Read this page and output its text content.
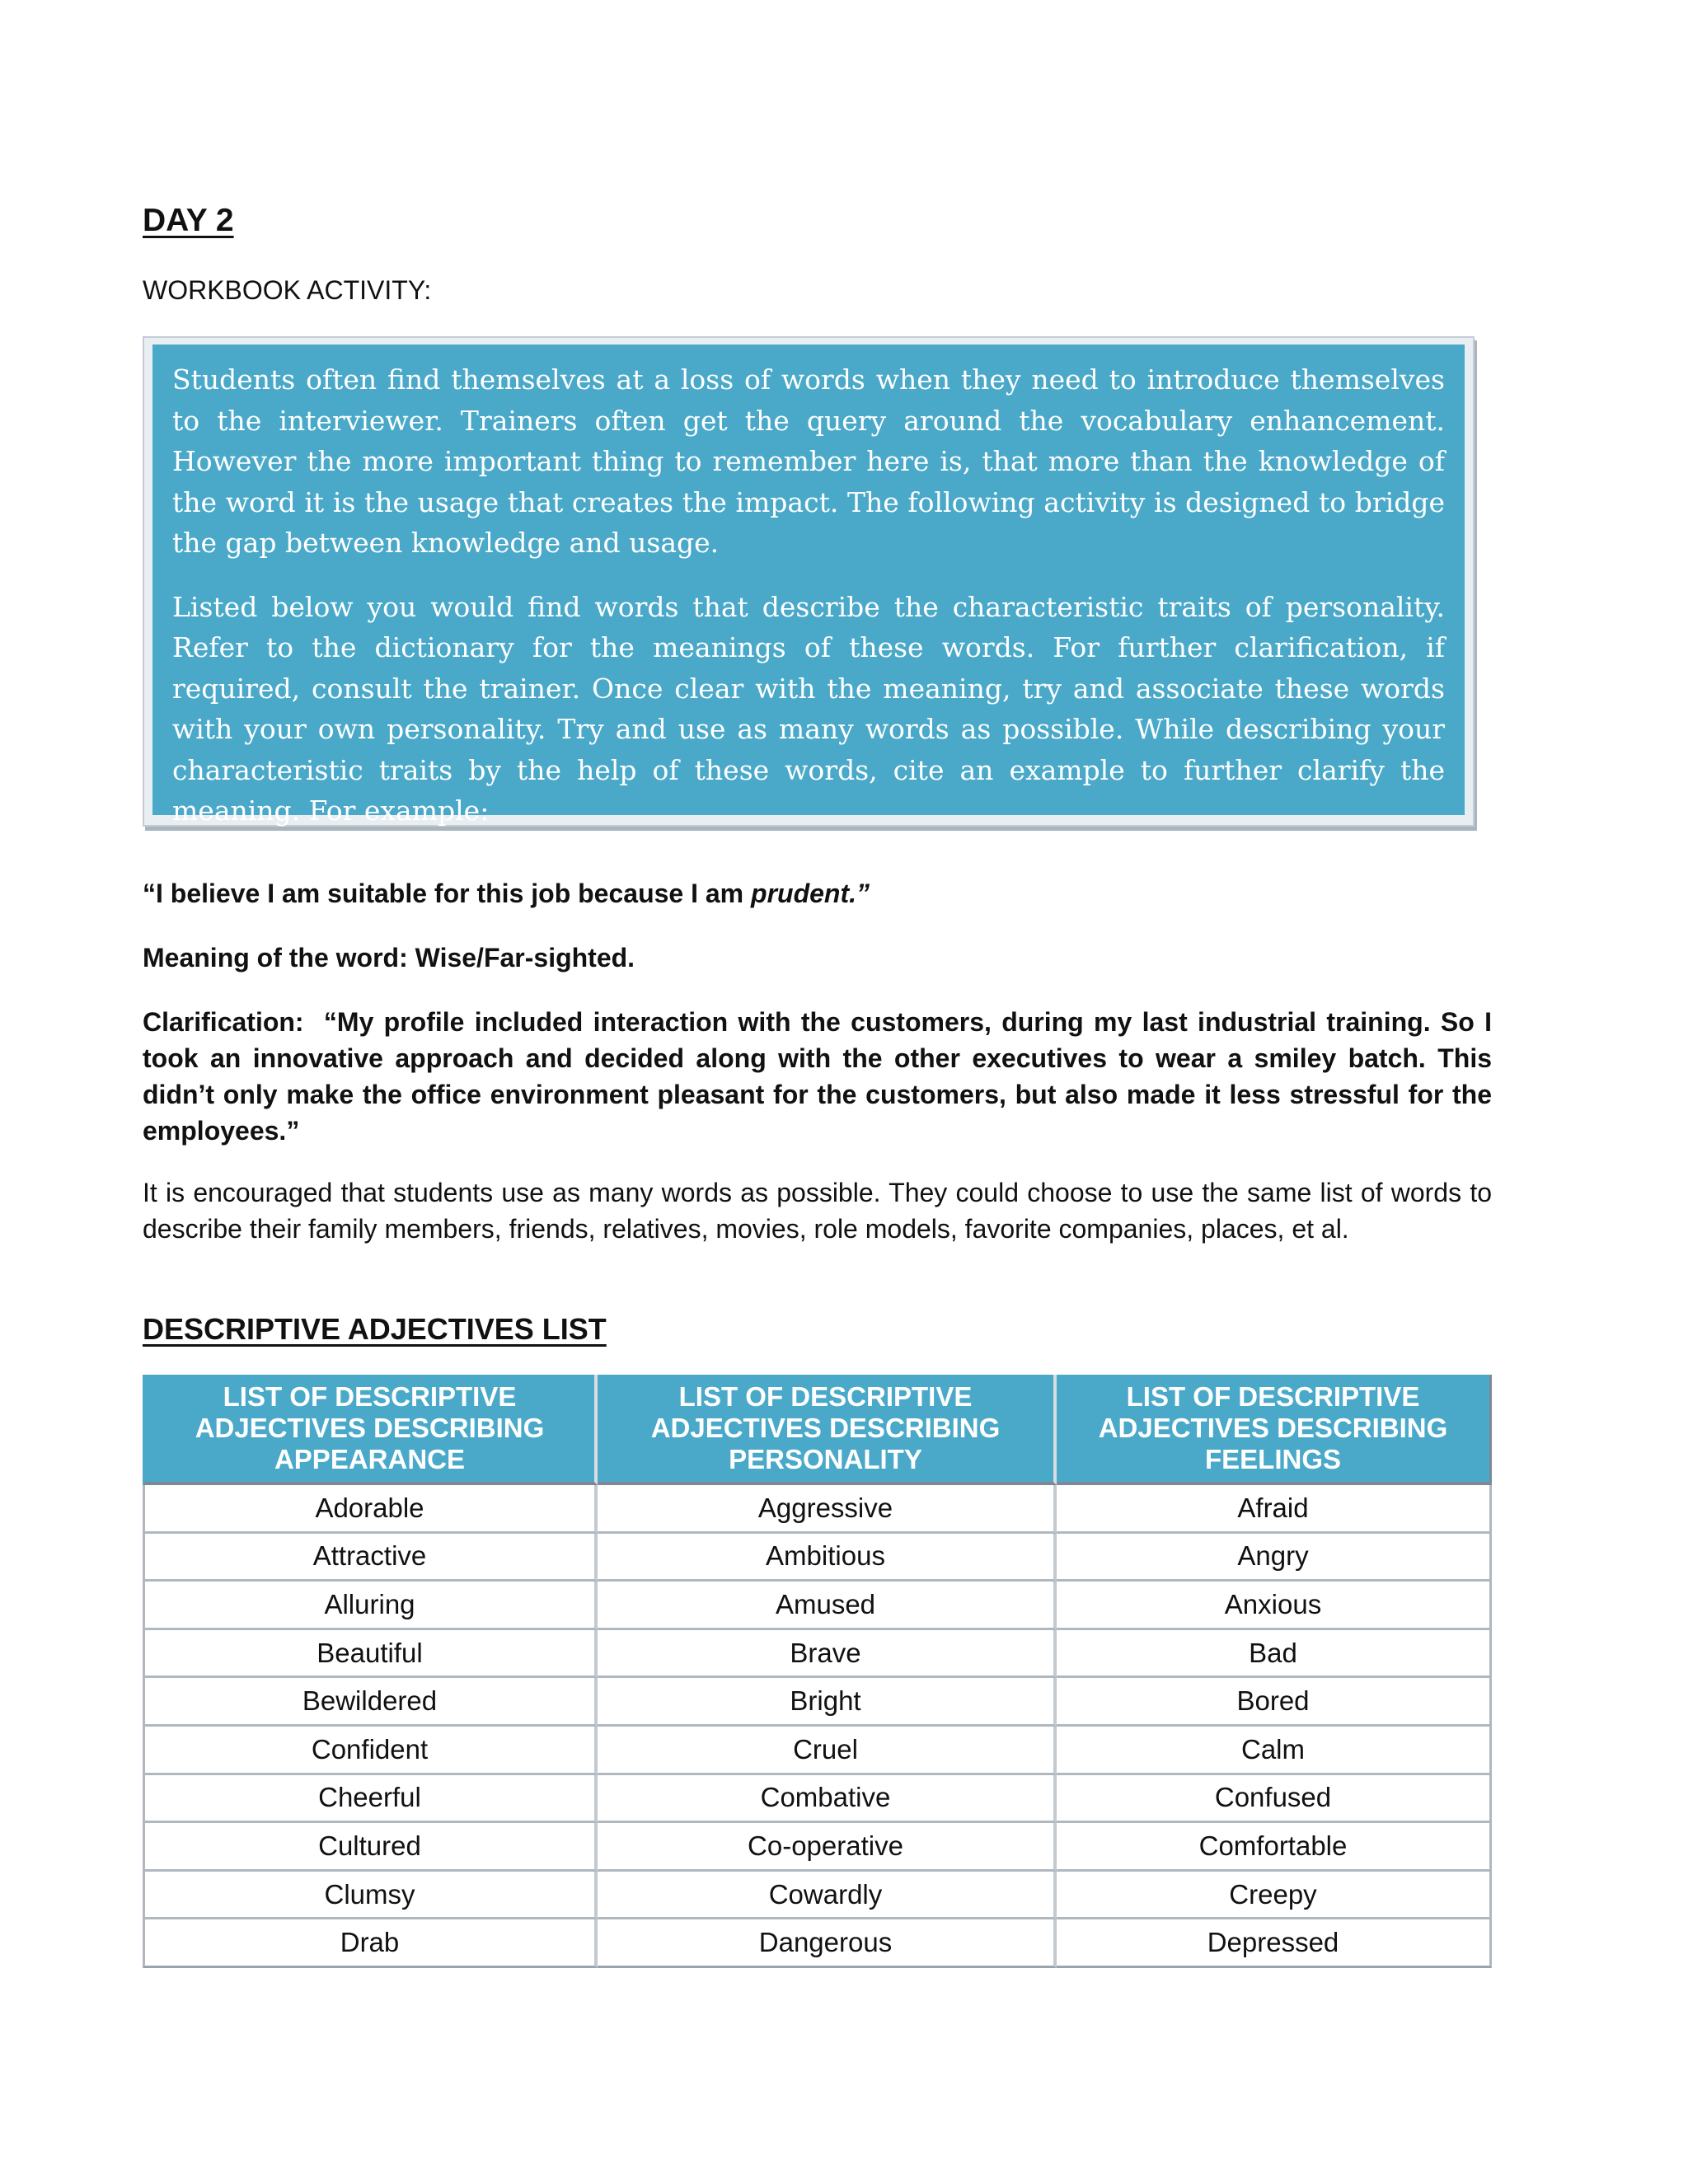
DAY 2

WORKBOOK ACTIVITY:

Students often find themselves at a loss of words when they need to introduce themselves to the interviewer. Trainers often get the query around the vocabulary enhancement. However the more important thing to remember here is, that more than the knowledge of the word it is the usage that creates the impact. The following activity is designed to bridge the gap between knowledge and usage.

Listed below you would find words that describe the characteristic traits of personality. Refer to the dictionary for the meanings of these words. For further clarification, if required, consult the trainer. Once clear with the meaning, try and associate these words with your own personality. Try and use as many words as possible. While describing your characteristic traits by the help of these words, cite an example to further clarify the meaning. For example:

“I believe I am suitable for this job because I am prudent.”

Meaning of the word: Wise/Far-sighted.

Clarification: “My profile included interaction with the customers, during my last industrial training. So I took an innovative approach and decided along with the other executives to wear a smiley batch. This didn’t only make the office environment pleasant for the customers, but also made it less stressful for the employees.”

It is encouraged that students use as many words as possible. They could choose to use the same list of words to describe their family members, friends, relatives, movies, role models, favorite companies, places, et al.

DESCRIPTIVE ADJECTIVES LIST
LIST OF DESCRIPTIVE ADJECTIVES DESCRIBING APPEARANCE	LIST OF DESCRIPTIVE ADJECTIVES DESCRIBING PERSONALITY	LIST OF DESCRIPTIVE ADJECTIVES DESCRIBING FEELINGS
Adorable	Aggressive	Afraid
Attractive	Ambitious	Angry
Alluring	Amused	Anxious
Beautiful	Brave	Bad
Bewildered	Bright	Bored
Confident	Cruel	Calm
Cheerful	Combative	Confused
Cultured	Co-operative	Comfortable
Clumsy	Cowardly	Creepy
Drab	Dangerous	Depressed
